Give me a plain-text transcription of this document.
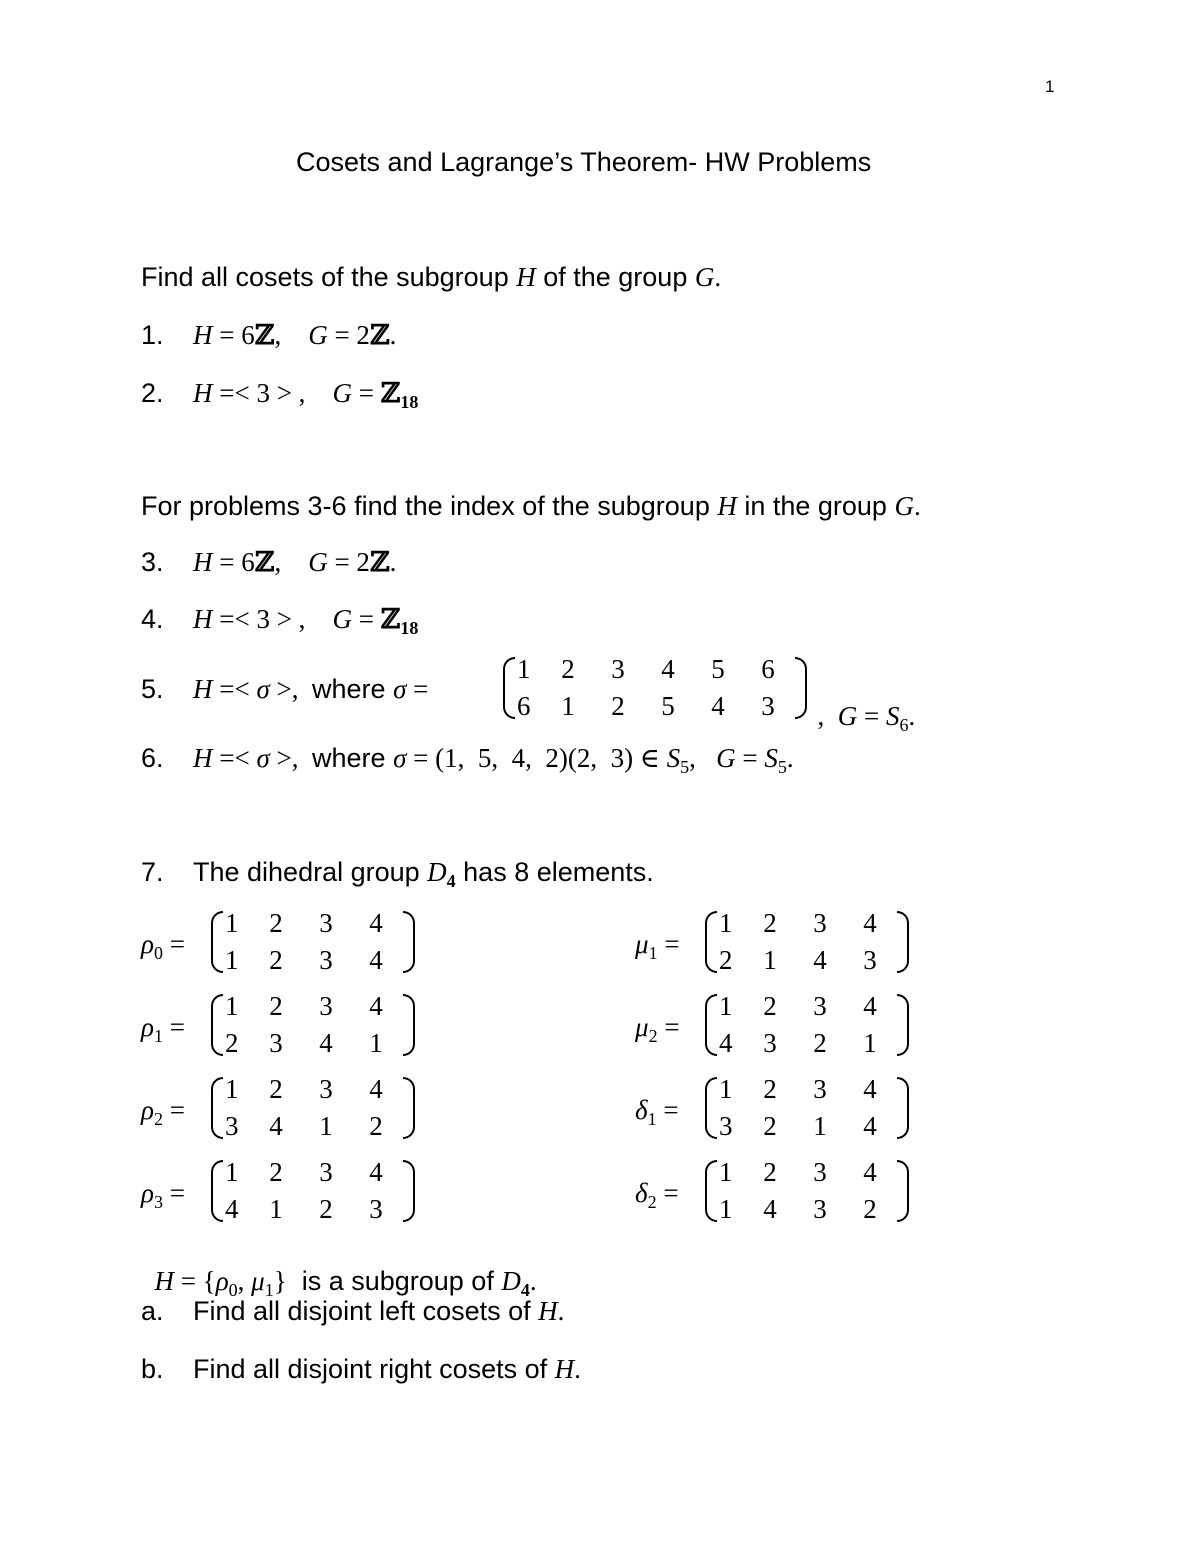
1
Cosets and Lagrange’s Theorem- HW Problems
Find all cosets of the subgroup H of the group G.
1. H = 6ℤ,    G = 2ℤ.
2. H =< 3 > ,    G = ℤ$_{18}$
For problems 3-6 find the index of the subgroup H in the group G.
3. H = 6ℤ,    G = 2ℤ.
4. H =< 3 > ,    G = ℤ$_{18}$
5. H =< σ >,  where σ =
1	2	3	4	5	6
6	1	2	5	4	3	,  $G = S_6$.

6. H =< σ >,  where σ = (1,  5,  4,  2)(2,  3) ∈ $S_5$,   $G = S_5$.
7. The dihedral group $D_4$ has 8 elements.
$\rho_0$ =
1	2	3	4
1	2	3	4
$\mu_1$ =
1	2	3	4
2	1	4	3
$\rho_1$ =
1	2	3	4
2	3	4	1
$\mu_2$ =
1	2	3	4
4	3	2	1
$\rho_2$ =
1	2	3	4
3	4	1	2
$\delta_1$ =
1	2	3	4
3	2	1	4
$\rho_3$ =
1	2	3	4
4	1	2	3
$\delta_2$ =
1	2	3	4
1	4	3	2

$H = \{\rho_0$, $\mu_1$}  is a subgroup of $D_4$.

a. Find all disjoint left cosets of H.
b. Find all disjoint right cosets of H.
